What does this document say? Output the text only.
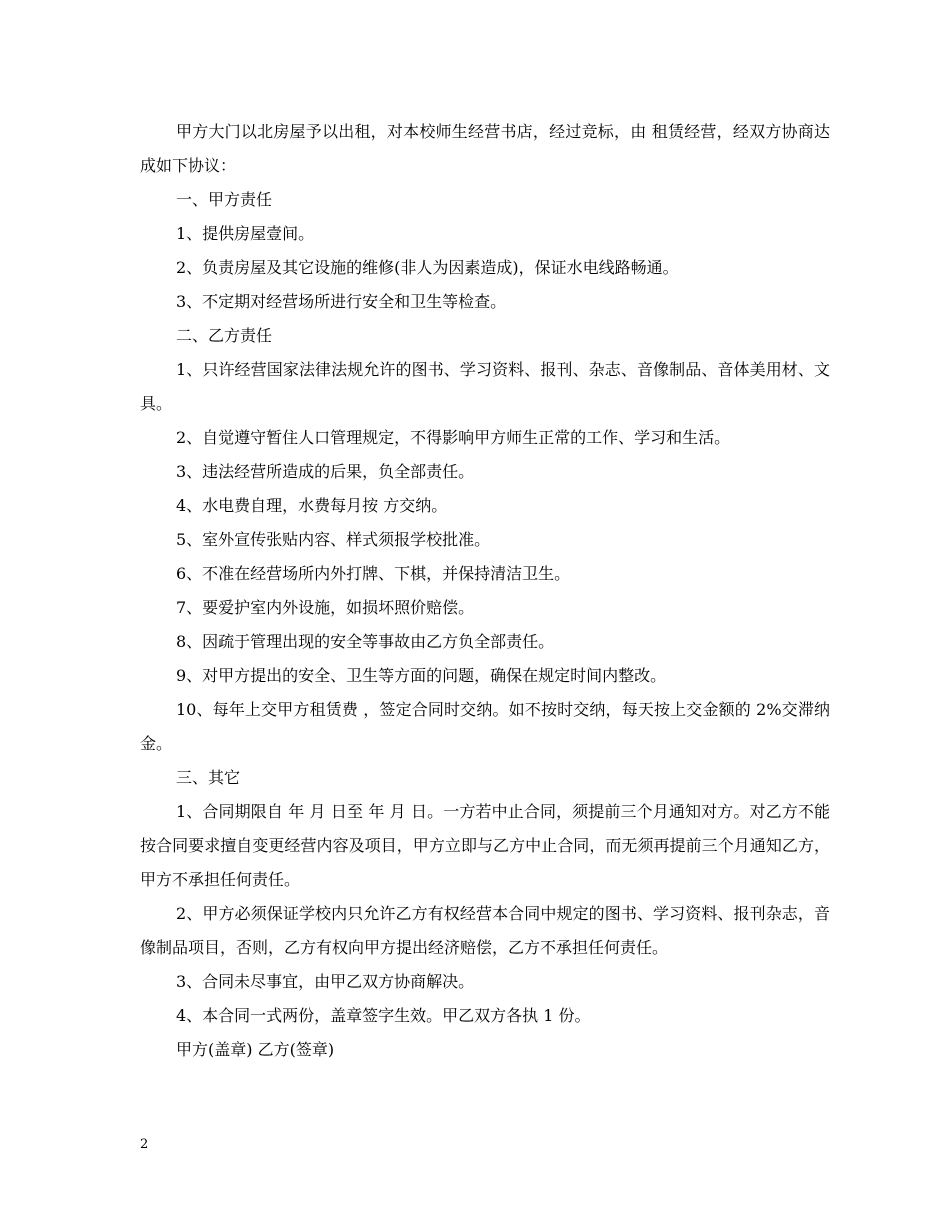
甲方大门以北房屋予以出租，对本校师生经营书店，经过竞标，由 租赁经营，经双方协商达成如下协议：

一、甲方责任

1、提供房屋壹间。

2、负责房屋及其它设施的维修(非人为因素造成)，保证水电线路畅通。

3、不定期对经营场所进行安全和卫生等检查。

二、乙方责任

1、只许经营国家法律法规允许的图书、学习资料、报刊、杂志、音像制品、音体美用材、文具。

2、自觉遵守暂住人口管理规定，不得影响甲方师生正常的工作、学习和生活。

3、违法经营所造成的后果，负全部责任。

4、水电费自理，水费每月按 方交纳。

5、室外宣传张贴内容、样式须报学校批准。

6、不准在经营场所内外打牌、下棋，并保持清洁卫生。

7、要爱护室内外设施，如损坏照价赔偿。

8、因疏于管理出现的安全等事故由乙方负全部责任。

9、对甲方提出的安全、卫生等方面的问题，确保在规定时间内整改。

10、每年上交甲方租赁费 ，签定合同时交纳。如不按时交纳，每天按上交金额的 2%交滞纳金。

三、其它

1、合同期限自 年 月 日至 年 月 日。一方若中止合同，须提前三个月通知对方。对乙方不能按合同要求擅自变更经营内容及项目，甲方立即与乙方中止合同，而无须再提前三个月通知乙方，甲方不承担任何责任。

2、甲方必须保证学校内只允许乙方有权经营本合同中规定的图书、学习资料、报刊杂志，音像制品项目，否则，乙方有权向甲方提出经济赔偿，乙方不承担任何责任。

3、合同未尽事宜，由甲乙双方协商解决。

4、本合同一式两份，盖章签字生效。甲乙双方各执 1 份。

甲方(盖章) 乙方(签章)

2
